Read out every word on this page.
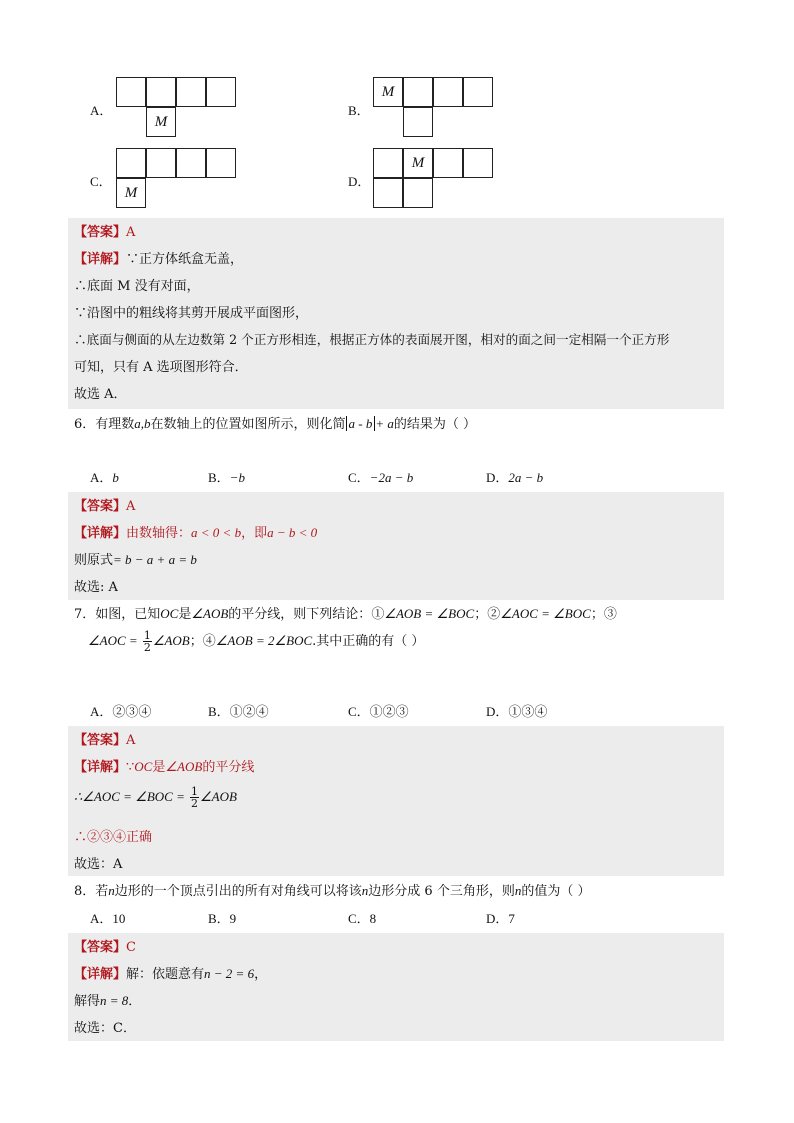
A．
M
B．
M
C．
M
D．
M
【答案】A
【详解】∵正方体纸盒无盖，
∴底面 M 没有对面，
∵沿图中的粗线将其剪开展成平面图形，
∴底面与侧面的从左边数第 2 个正方形相连，根据正方体的表面展开图，相对的面之间一定相隔一个正方形
可知，只有 A 选项图形符合．
故选 A．
6．有理数a,b在数轴上的位置如图所示，则化简 a - b + a的结果为（ ）
A．b	B．−b	C．−2a − b	D．2a − b
【答案】A
【详解】由数轴得：a < 0 < b，即a − b < 0
则原式= b − a + a = b
故选: A
7．如图，已知OC是∠AOB的平分线，则下列结论：①∠AOB = ∠BOC；②∠AOC = ∠BOC；③
∠AOC = $\frac{1}{2}$ ∠AOB；④∠AOB = 2∠BOC.其中正确的有（ ）
A．②③④	B．①②④	C．①②③	D．①③④
【答案】A
【详解】∵OC是∠AOB的平分线
∴∠AOC = ∠BOC = $\frac{1}{2}$ ∠AOB
∴②③④正确
故选：A
8．若n边形的一个顶点引出的所有对角线可以将该n边形分成 6 个三角形，则n的值为（ ）
A．10	B．9	C．8	D．7
【答案】C
【详解】解：依题意有n − 2 = 6，
解得n = 8．
故选：C．
